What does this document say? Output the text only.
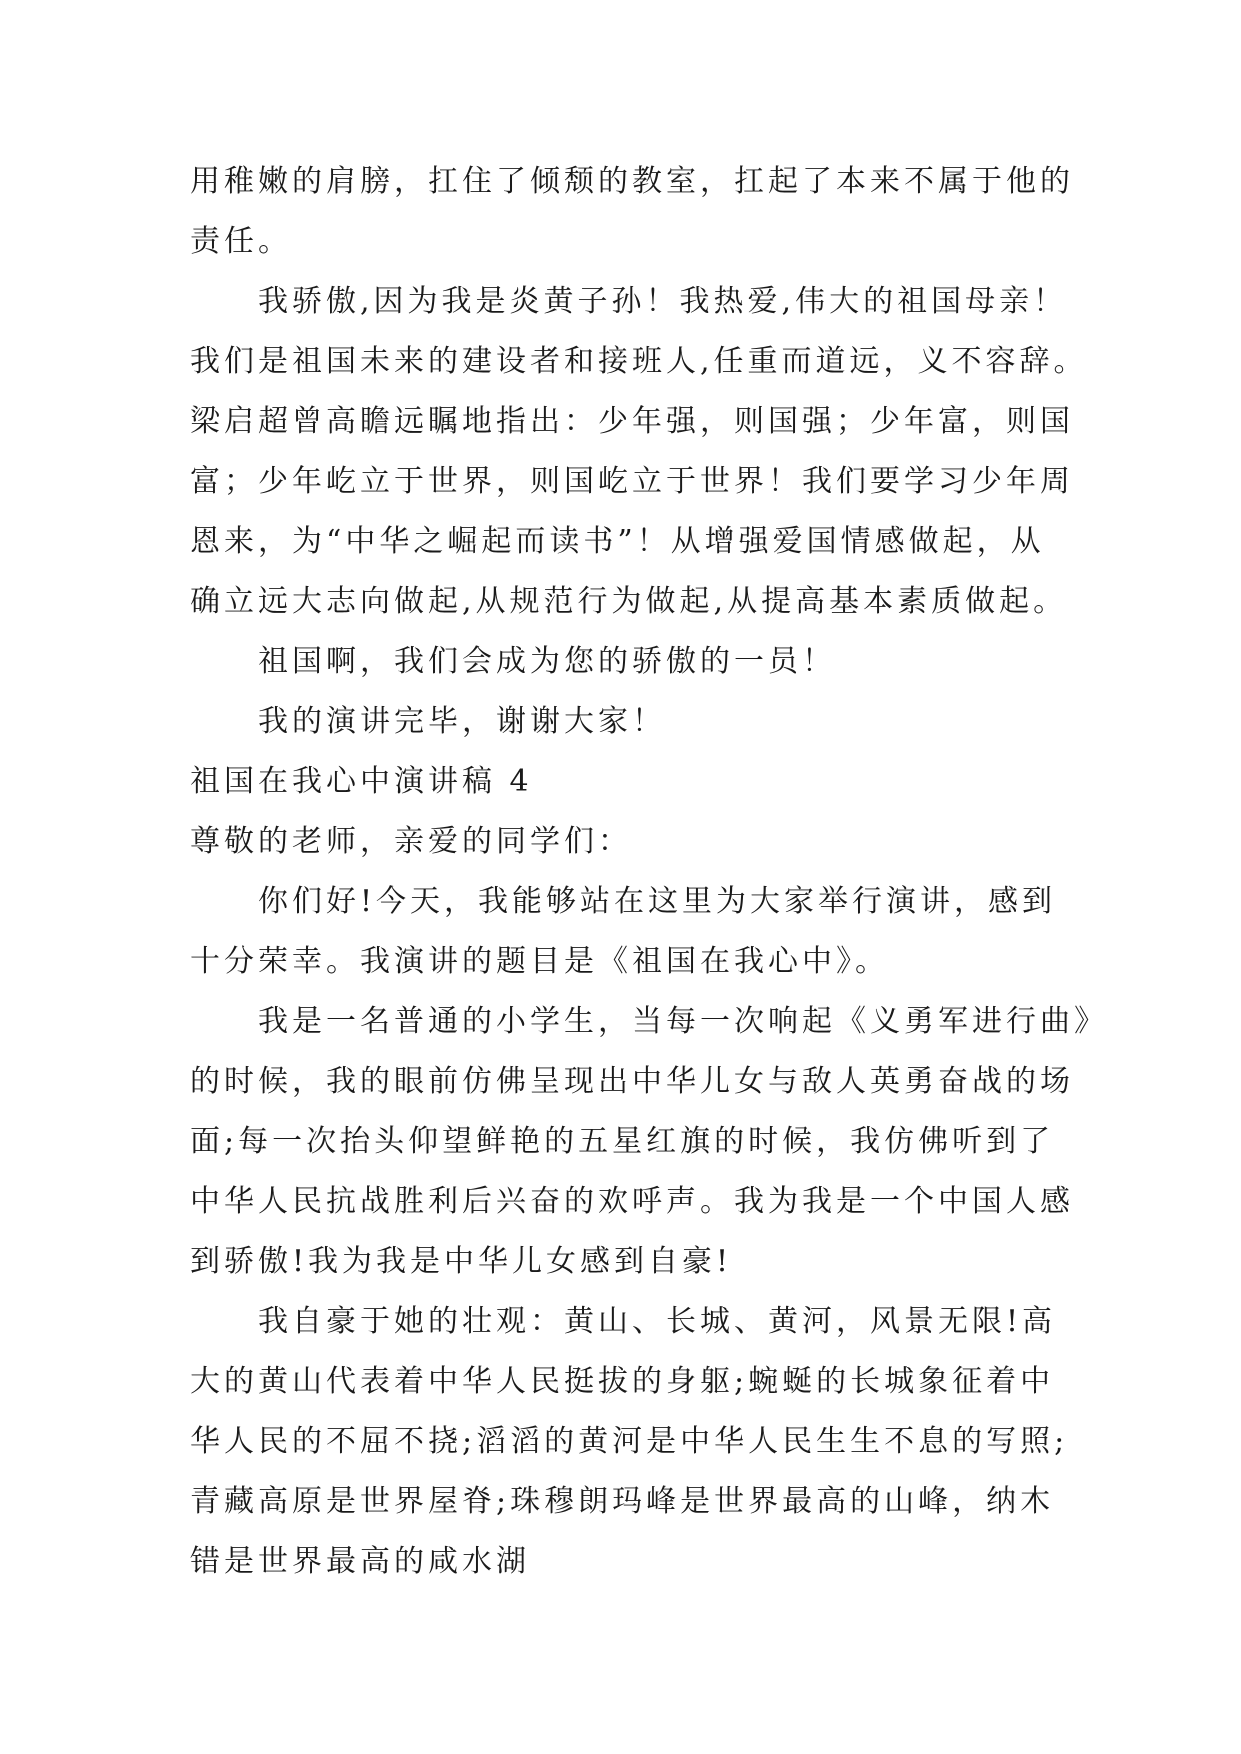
用稚嫩的肩膀，扛住了倾颓的教室，扛起了本来不属于他的
责任。
我骄傲,因为我是炎黄子孙！我热爱,伟大的祖国母亲！
我们是祖国未来的建设者和接班人,任重而道远，义不容辞。
梁启超曾高瞻远瞩地指出：少年强，则国强；少年富，则国
富；少年屹立于世界，则国屹立于世界！我们要学习少年周
恩来，为“中华之崛起而读书”！从增强爱国情感做起，从
确立远大志向做起,从规范行为做起,从提高基本素质做起。
祖国啊，我们会成为您的骄傲的一员！
我的演讲完毕，谢谢大家！
祖国在我心中演讲稿 4
尊敬的老师，亲爱的同学们：
你们好!今天，我能够站在这里为大家举行演讲，感到
十分荣幸。我演讲的题目是《祖国在我心中》。
我是一名普通的小学生，当每一次响起《义勇军进行曲》
的时候，我的眼前仿佛呈现出中华儿女与敌人英勇奋战的场
面;每一次抬头仰望鲜艳的五星红旗的时候，我仿佛听到了
中华人民抗战胜利后兴奋的欢呼声。我为我是一个中国人感
到骄傲!我为我是中华儿女感到自豪!
我自豪于她的壮观：黄山、长城、黄河，风景无限!高
大的黄山代表着中华人民挺拔的身躯;蜿蜒的长城象征着中
华人民的不屈不挠;滔滔的黄河是中华人民生生不息的写照;
青藏高原是世界屋脊;珠穆朗玛峰是世界最高的山峰，纳木
错是世界最高的咸水湖
